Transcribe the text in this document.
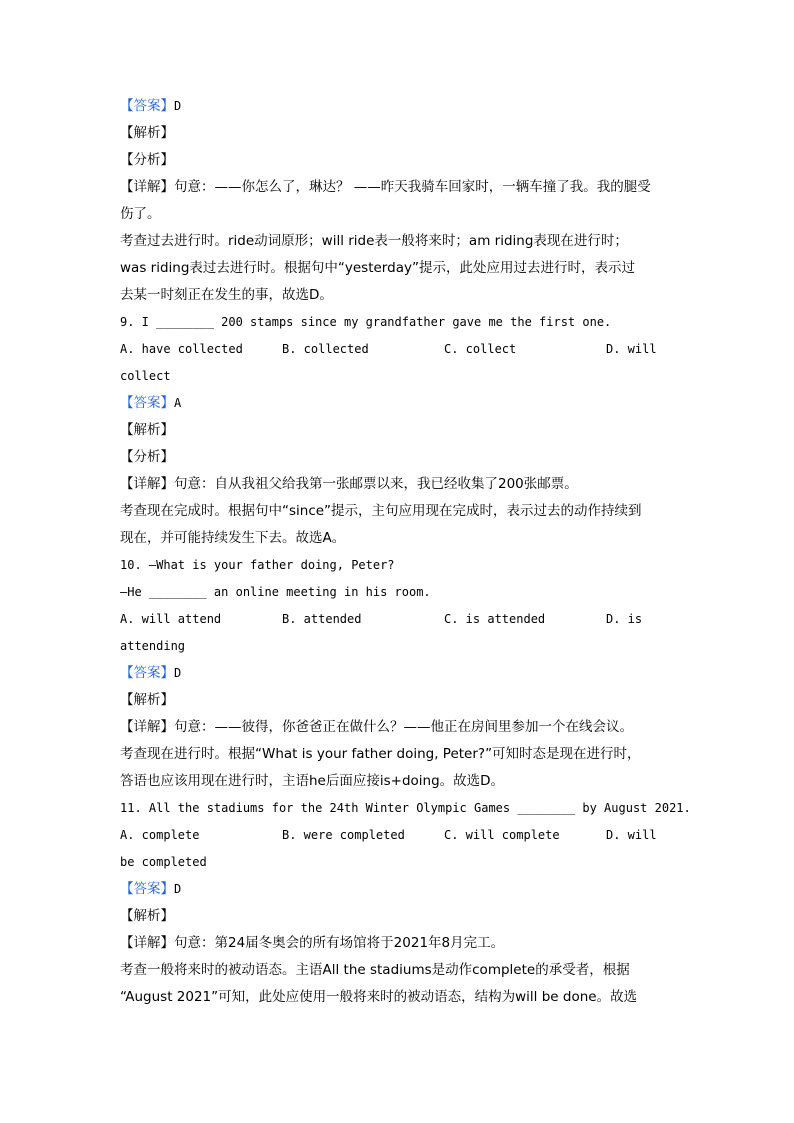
【答案】D
【解析】
【分析】
【详解】句意：——你怎么了，琳达？ ——昨天我骑车回家时，一辆车撞了我。我的腿受
伤了。
考查过去进行时。ride动词原形；will ride表一般将来时；am riding表现在进行时；
was riding表过去进行时。根据句中“yesterday”提示，此处应用过去进行时，表示过
去某一时刻正在发生的事，故选D。
9. I ________ 200 stamps since my grandfather gave me the first one.
A. have collected	B. collected	C. collect	D. will
collect
【答案】A
【解析】
【分析】
【详解】句意：自从我祖父给我第一张邮票以来，我已经收集了200张邮票。
考查现在完成时。根据句中“since”提示，主句应用现在完成时，表示过去的动作持续到
现在，并可能持续发生下去。故选A。
10. —What is your father doing, Peter?
—He ________ an online meeting in his room.
A. will attend	B. attended	C. is attended	D. is
attending
【答案】D
【解析】
【详解】句意：——彼得，你爸爸正在做什么？——他正在房间里参加一个在线会议。
考查现在进行时。根据“What is your father doing, Peter?”可知时态是现在进行时，
答语也应该用现在进行时，主语he后面应接is+doing。故选D。
11. All the stadiums for the 24th Winter Olympic Games ________ by August 2021.
A. complete	B. were completed	C. will complete	D. will
be completed
【答案】D
【解析】
【详解】句意：第24届冬奥会的所有场馆将于2021年8月完工。
考查一般将来时的被动语态。主语All the stadiums是动作complete的承受者，根据
“August 2021”可知，此处应使用一般将来时的被动语态，结构为will be done。故选
